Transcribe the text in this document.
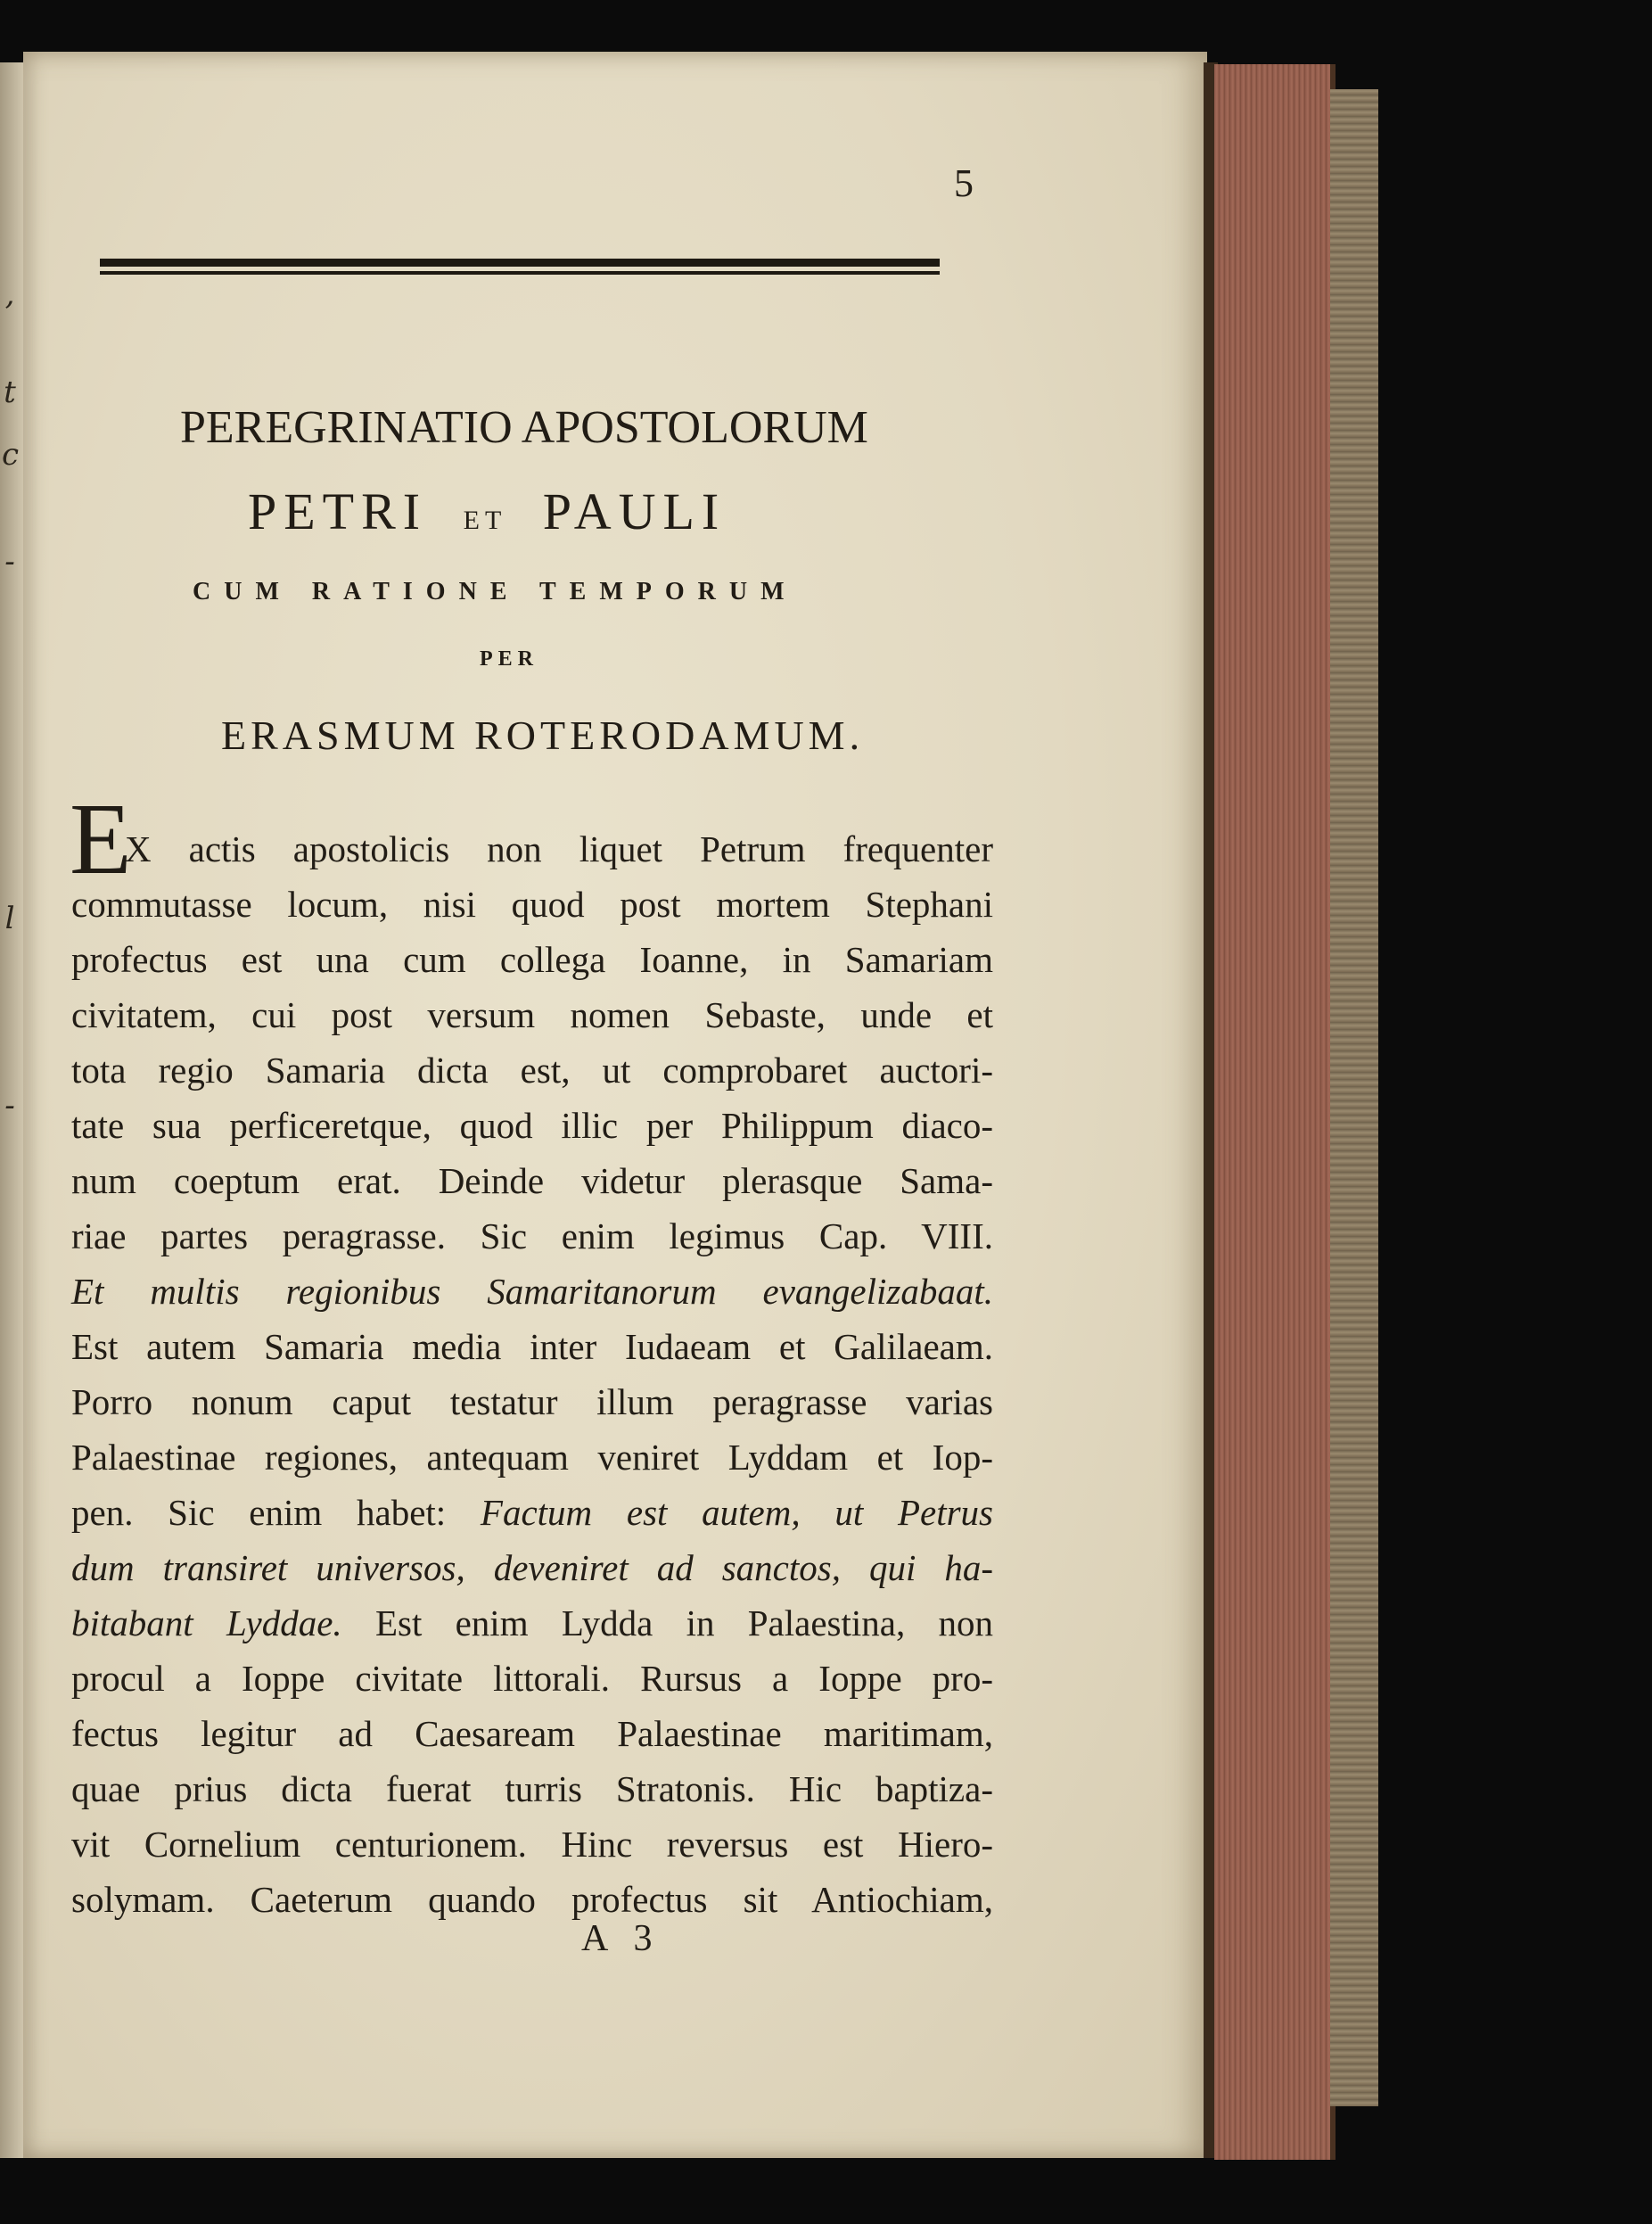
,
t
c
-
l
-
5
PEREGRINATIO APOSTOLORUM
PETRI ET PAULI
CUM RATIONE TEMPORUM
PER
ERASMUM ROTERODAMUM.
E
X actis apostolicis non liquet Petrum frequenter
commutasse locum, nisi quod post mortem Stephani
profectus est una cum collega Ioanne, in Samariam
civitatem, cui post versum nomen Sebaste, unde et
tota regio Samaria dicta est, ut comprobaret auctori-
tate sua perficeretque, quod illic per Philippum diaco-
num coeptum erat. Deinde videtur plerasque Sama-
riae partes peragrasse. Sic enim legimus Cap. VIII.
Et multis regionibus Samaritanorum evangelizabaat.
Est autem Samaria media inter Iudaeam et Galilaeam.
Porro nonum caput testatur illum peragrasse varias
Palaestinae regiones, antequam veniret Lyddam et Iop-
pen. Sic enim habet: Factum est autem, ut Petrus
dum transiret universos, deveniret ad sanctos, qui ha-
bitabant Lyddae. Est enim Lydda in Palaestina, non
procul a Ioppe civitate littorali. Rursus a Ioppe pro-
fectus legitur ad Caesaream Palaestinae maritimam,
quae prius dicta fuerat turris Stratonis. Hic baptiza-
vit Cornelium centurionem. Hinc reversus est Hiero-
solymam. Caeterum quando profectus sit Antiochiam,
A 3
